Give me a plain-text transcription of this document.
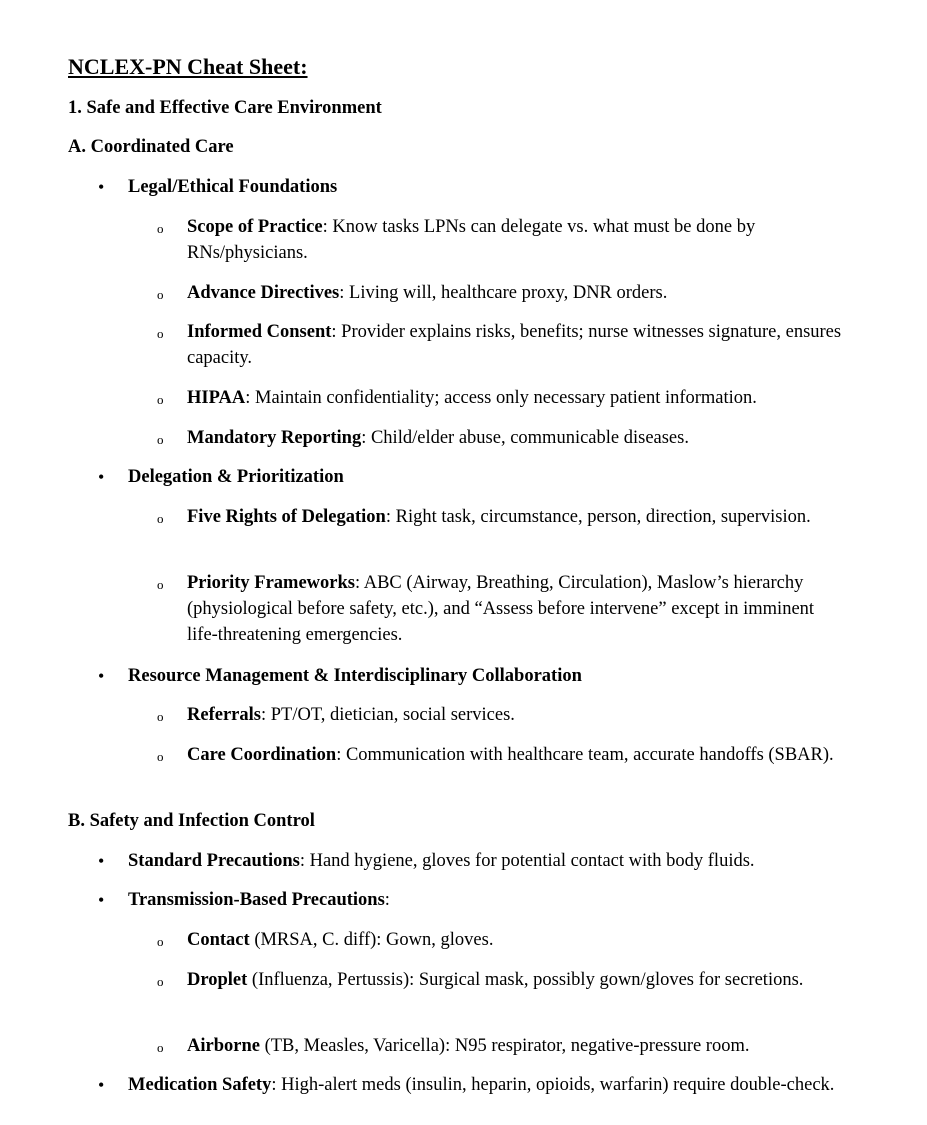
NCLEX-PN Cheat Sheet:
1. Safe and Effective Care Environment
A. Coordinated Care
• Legal/Ethical Foundations
o Scope of Practice: Know tasks LPNs can delegate vs. what must be done by RNs/physicians.
o Advance Directives: Living will, healthcare proxy, DNR orders.
o Informed Consent: Provider explains risks, benefits; nurse witnesses signature, ensures capacity.
o HIPAA: Maintain confidentiality; access only necessary patient information.
o Mandatory Reporting: Child/elder abuse, communicable diseases.
• Delegation & Prioritization
o Five Rights of Delegation: Right task, circumstance, person, direction, supervision.
o Priority Frameworks: ABC (Airway, Breathing, Circulation), Maslow’s hierarchy (physiological before safety, etc.), and “Assess before intervene” except in imminent life-threatening emergencies.
• Resource Management & Interdisciplinary Collaboration
o Referrals: PT/OT, dietician, social services.
o Care Coordination: Communication with healthcare team, accurate handoffs (SBAR).
B. Safety and Infection Control
• Standard Precautions: Hand hygiene, gloves for potential contact with body fluids.
• Transmission-Based Precautions:
o Contact (MRSA, C. diff): Gown, gloves.
o Droplet (Influenza, Pertussis): Surgical mask, possibly gown/gloves for secretions.
o Airborne (TB, Measles, Varicella): N95 respirator, negative-pressure room.
• Medication Safety: High-alert meds (insulin, heparin, opioids, warfarin) require double-check.
